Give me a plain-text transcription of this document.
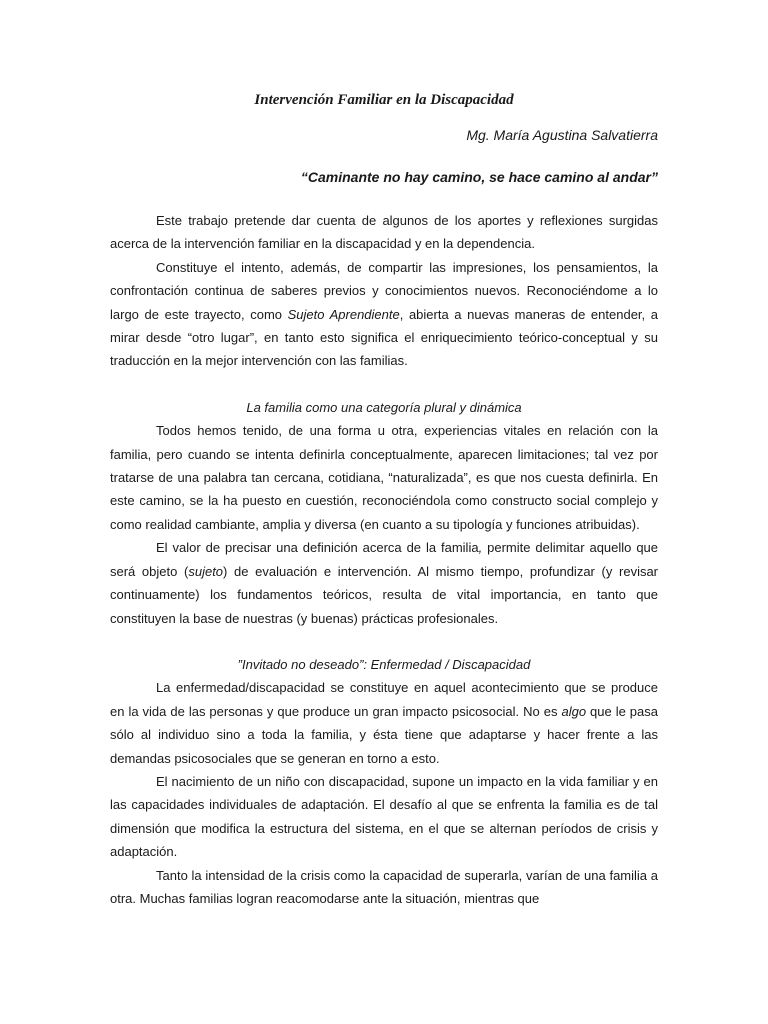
Intervención Familiar en la Discapacidad

Mg. María Agustina Salvatierra

“Caminante no hay camino, se hace camino al andar”

Este trabajo pretende dar cuenta de algunos de los aportes y reflexiones surgidas acerca de la intervención familiar en la discapacidad y en la dependencia.

Constituye el intento, además, de compartir las impresiones, los pensamientos, la confrontación continua de saberes previos y conocimientos nuevos. Reconociéndome a lo largo de este trayecto, como Sujeto Aprendiente, abierta a nuevas maneras de entender, a mirar desde “otro lugar”, en tanto esto significa el enriquecimiento teórico-conceptual y su traducción en la mejor intervención con las familias.

La familia como una categoría plural y dinámica

Todos hemos tenido, de una forma u otra, experiencias vitales en relación con la familia, pero cuando se intenta definirla conceptualmente, aparecen limitaciones; tal vez por tratarse de una palabra tan cercana, cotidiana, “naturalizada”, es que nos cuesta definirla. En este camino, se la ha puesto en cuestión, reconociéndola como constructo social complejo y como realidad cambiante, amplia y diversa (en cuanto a su tipología y funciones atribuidas).

El valor de precisar una definición acerca de la familia, permite delimitar aquello que será objeto (sujeto) de evaluación e intervención. Al mismo tiempo, profundizar (y revisar continuamente) los fundamentos teóricos, resulta de vital importancia, en tanto que constituyen la base de nuestras (y buenas) prácticas profesionales.

”Invitado no deseado”: Enfermedad / Discapacidad

La enfermedad/discapacidad se constituye en aquel acontecimiento que se produce en la vida de las personas y que produce un gran impacto psicosocial. No es algo que le pasa sólo al individuo sino a toda la familia, y ésta tiene que adaptarse y hacer frente a las demandas psicosociales que se generan en torno a esto.

El nacimiento de un niño con discapacidad, supone un impacto en la vida familiar y en las capacidades individuales de adaptación. El desafío al que se enfrenta la familia es de tal dimensión que modifica la estructura del sistema, en el que se alternan períodos de crisis y adaptación.

Tanto la intensidad de la crisis como la capacidad de superarla, varían de una familia a otra. Muchas familias logran reacomodarse ante la situación, mientras que
